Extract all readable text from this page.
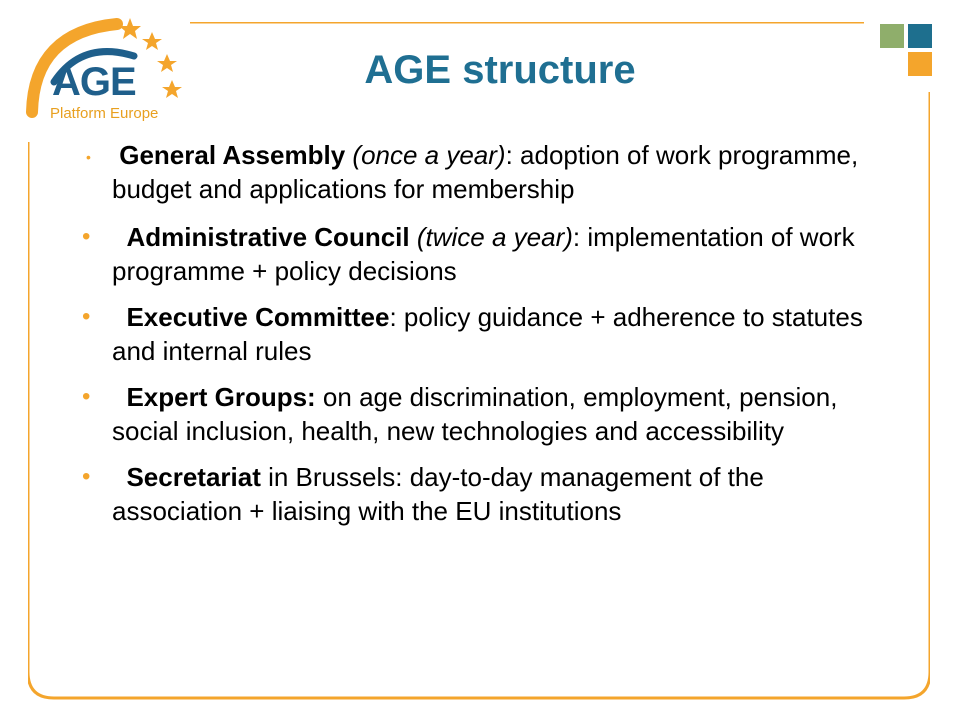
AGE
Platform Europe
AGE structure
• General Assembly (once a year): adoption of work programme, budget and applications for membership
• Administrative Council (twice a year): implementation of work programme + policy decisions
• Executive Committee: policy guidance + adherence to statutes and internal rules
• Expert Groups: on age discrimination, employment, pension, social inclusion, health, new technologies and accessibility
• Secretariat in Brussels: day-to-day management of the association + liaising with the EU institutions
